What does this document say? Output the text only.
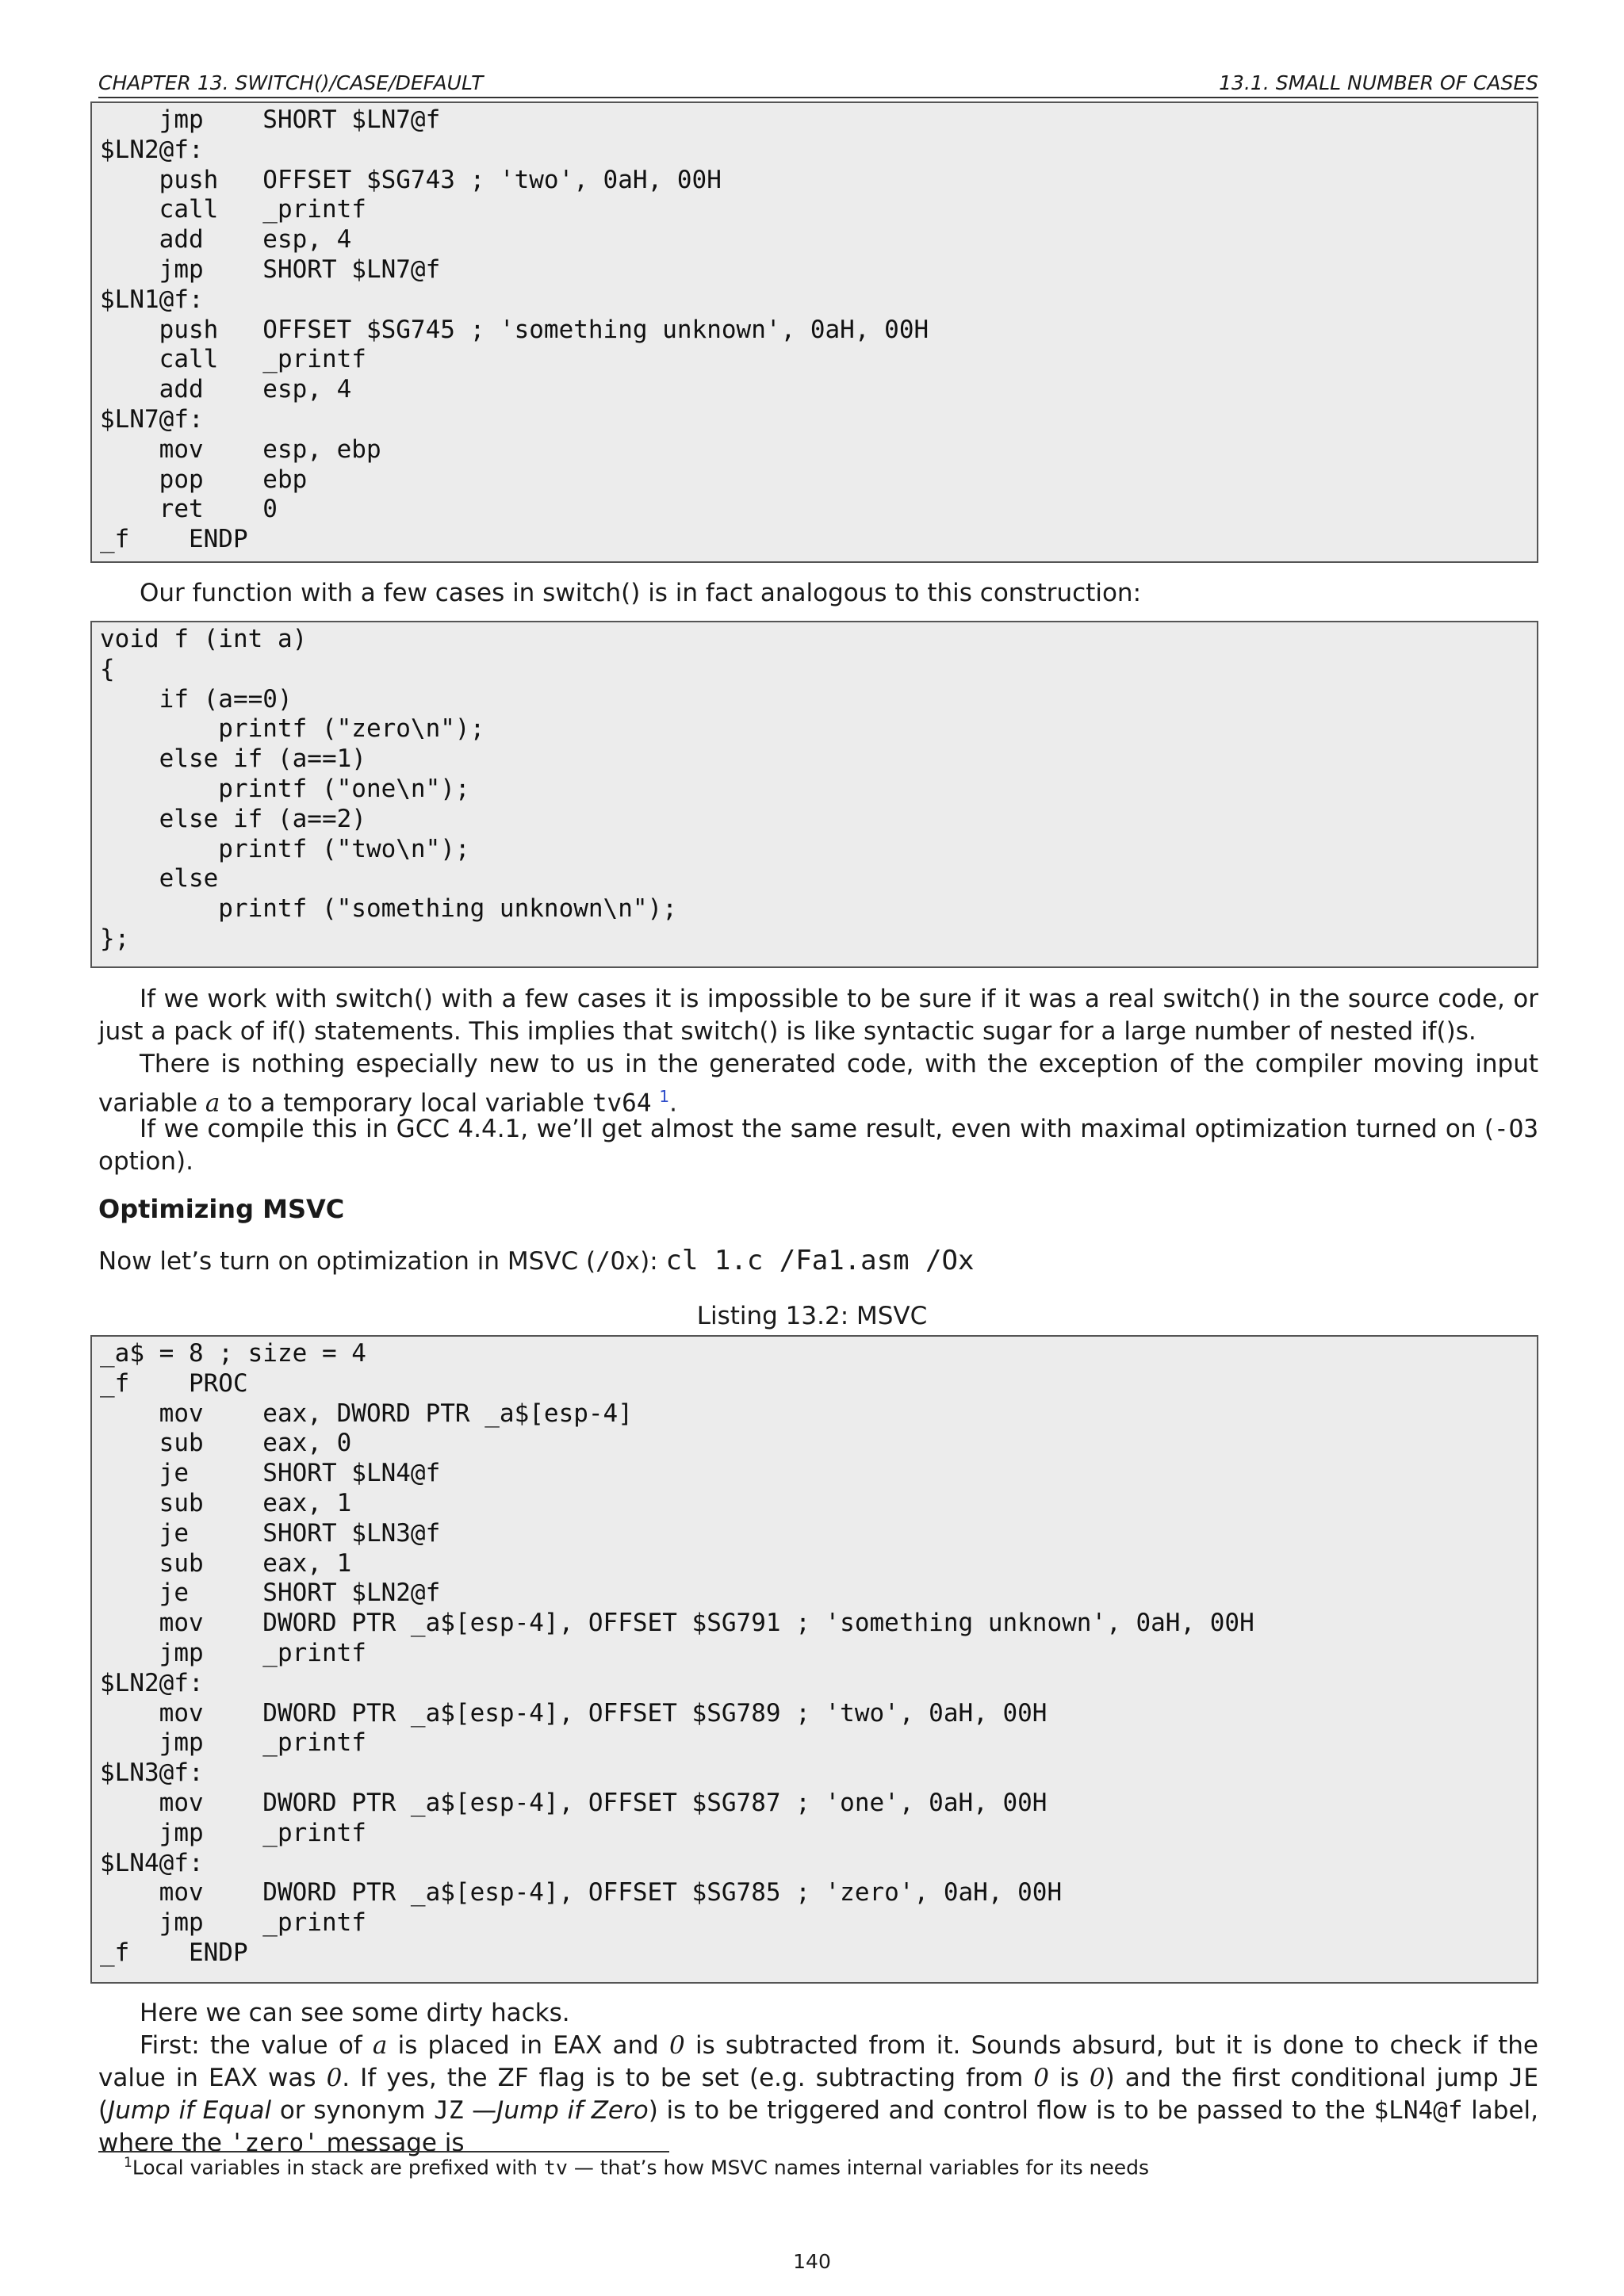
CHAPTER 13. SWITCH()/CASE/DEFAULT	13.1. SMALL NUMBER OF CASES
jmp    SHORT $LN7@f
$LN2@f:
push   OFFSET $SG743 ; 'two', 0aH, 00H
call   _printf
add    esp, 4
jmp    SHORT $LN7@f
$LN1@f:
push   OFFSET $SG745 ; 'something unknown', 0aH, 00H
call   _printf
add    esp, 4
$LN7@f:
mov    esp, ebp
pop    ebp
ret    0
_f    ENDP
Our function with a few cases in switch() is in fact analogous to this construction:
void f (int a)
{
if (a==0)
printf ("zero\n");
else if (a==1)
printf ("one\n");
else if (a==2)
printf ("two\n");
else
printf ("something unknown\n");
};
If we work with switch() with a few cases it is impossible to be sure if it was a real switch() in the source code, or just a pack of if() statements. This implies that switch() is like syntactic sugar for a large number of nested if()s.
There is nothing especially new to us in the generated code, with the exception of the compiler moving input variable a to a temporary local variable tv64 $^1$.
If we compile this in GCC 4.4.1, we’ll get almost the same result, even with maximal optimization turned on (-O3 option).
Optimizing MSVC
Now let’s turn on optimization in MSVC (/Ox): cl 1.c /Fa1.asm /Ox
Listing 13.2: MSVC
_a$ = 8 ; size = 4
_f    PROC
mov    eax, DWORD PTR _a$[esp-4]
sub    eax, 0
je     SHORT $LN4@f
sub    eax, 1
je     SHORT $LN3@f
sub    eax, 1
je     SHORT $LN2@f
mov    DWORD PTR _a$[esp-4], OFFSET $SG791 ; 'something unknown', 0aH, 00H
jmp    _printf
$LN2@f:
mov    DWORD PTR _a$[esp-4], OFFSET $SG789 ; 'two', 0aH, 00H
jmp    _printf
$LN3@f:
mov    DWORD PTR _a$[esp-4], OFFSET $SG787 ; 'one', 0aH, 00H
jmp    _printf
$LN4@f:
mov    DWORD PTR _a$[esp-4], OFFSET $SG785 ; 'zero', 0aH, 00H
jmp    _printf
_f    ENDP
Here we can see some dirty hacks.
First: the value of a is placed in EAX and 0 is subtracted from it. Sounds absurd, but it is done to check if the value in EAX was 0. If yes, the ZF flag is to be set (e.g. subtracting from 0 is 0) and the first conditional jump JE (Jump if Equal or synonym JZ —Jump if Zero) is to be triggered and control flow is to be passed to the $LN4@f label, where the 'zero' message is
$^1$Local variables in stack are prefixed with tv — that’s how MSVC names internal variables for its needs
140
